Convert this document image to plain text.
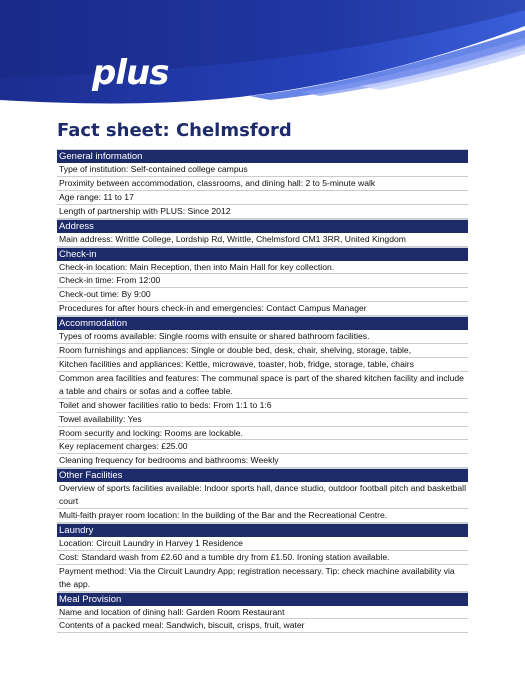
plus
Fact sheet: Chelmsford
General information
Type of institution: Self-contained college campus
Proximity between accommodation, classrooms, and dining hall: 2 to 5-minute walk
Age range: 11 to 17
Length of partnership with PLUS: Since 2012
Address
Main address: Writtle College, Lordship Rd, Writtle, Chelmsford CM1 3RR, United Kingdom
Check-in
Check-in location: Main Reception, then into Main Hall for key collection.
Check-in time: From 12:00
Check-out time: By 9:00
Procedures for after hours check-in and emergencies: Contact Campus Manager
Accommodation
Types of rooms available: Single rooms with ensuite or shared bathroom facilities.
Room furnishings and appliances: Single or double bed, desk, chair, shelving, storage, table,
Kitchen facilities and appliances: Kettle, microwave, toaster, hob, fridge, storage, table, chairs
Common area facilities and features: The communal space is part of the shared kitchen facility and include a table and chairs or sofas and a coffee table.
Toilet and shower facilities ratio to beds: From 1:1 to 1:6
Towel availability: Yes
Room security and locking: Rooms are lockable.
Key replacement charges: £25.00
Cleaning frequency for bedrooms and bathrooms: Weekly
Other Facilities
Overview of sports facilities available: Indoor sports hall, dance studio, outdoor football pitch and basketball court
Multi-faith prayer room location: In the building of the Bar and the Recreational Centre.
Laundry
Location: Circuit Laundry in Harvey 1 Residence
Cost: Standard wash from £2.60 and a tumble dry from £1.50. Ironing station available.
Payment method: Via the Circuit Laundry App; registration necessary. Tip: check machine availability via the app.
Meal Provision
Name and location of dining hall: Garden Room Restaurant
Contents of a packed meal: Sandwich, biscuit, crisps, fruit, water
